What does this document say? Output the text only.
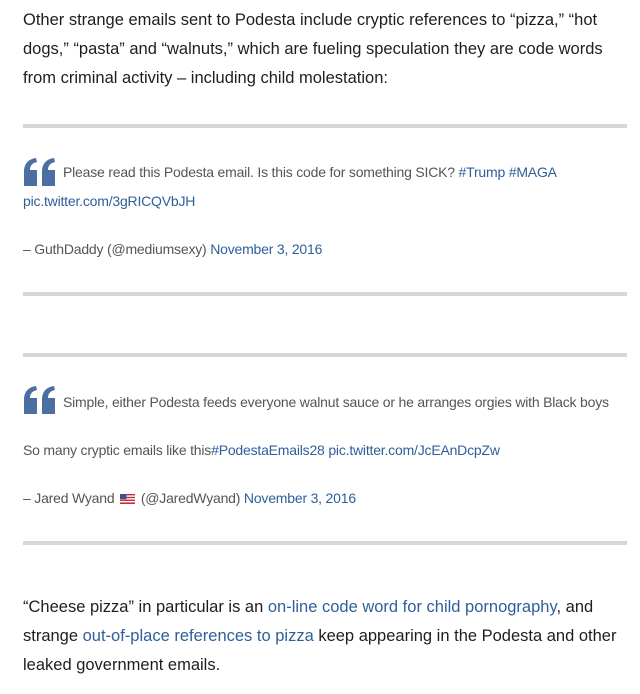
Other strange emails sent to Podesta include cryptic references to “pizza,” “hot dogs,” “pasta” and “walnuts,” which are fueling speculation they are code words from criminal activity – including child molestation:

Please read this Podesta email. Is this code for something SICK? #Trump #MAGA
pic.twitter.com/3gRICQVbJH
– GuthDaddy (@mediumsexy) November 3, 2016
Simple, either Podesta feeds everyone walnut sauce or he arranges orgies with Black boys
So many cryptic emails like this#PodestaEmails28 pic.twitter.com/JcEAnDcpZw
– Jared Wyand  (@JaredWyand) November 3, 2016

“Cheese pizza” in particular is an on-line code word for child pornography, and strange out-of-place references to pizza keep appearing in the Podesta and other leaked government emails.
